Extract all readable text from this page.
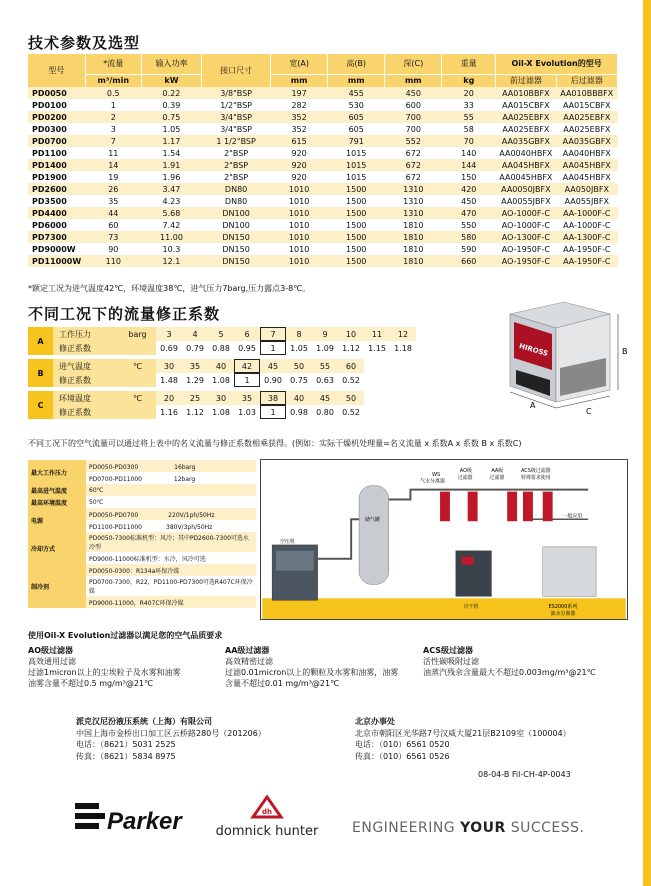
技术参数及选型
型号	*流量	输入功率	接口尺寸	宽(A)	高(B)	深(C)	重量	Oil-X Evolution的型号	
	m³/min	kW		mm	mm	mm	kg	前过滤器	后过滤器
PD0050	0.5	0.22	3/8"BSP	197	455	450	20	AA010BBFX	AA010BBBFX
PD0100	1	0.39	1/2"BSP	282	530	600	33	AA015CBFX	AA015CBFX
PD0200	2	0.75	3/4"BSP	352	605	700	55	AA025EBFX	AA025EBFX
PD0300	3	1.05	3/4"BSP	352	605	700	58	AA025EBFX	AA025EBFX
PD0700	7	1.17	1 1/2"BSP	615	791	552	70	AA035GBFX	AA035GBFX
PD1100	11	1.54	2"BSP	920	1015	672	140	AA0040HBFX	AA040HBFX
PD1400	14	1.91	2"BSP	920	1015	672	144	AA045HBFX	AA045HBFX
PD1900	19	1.96	2"BSP	920	1015	672	150	AA0045HBFX	AA045HBFX
PD2600	26	3.47	DN80	1010	1500	1310	420	AA0050JBFX	AA050JBFX
PD3500	35	4.23	DN80	1010	1500	1310	450	AA0055JBFX	AA055JBFX
PD4400	44	5.68	DN100	1010	1500	1310	470	AO-1000F-C	AA-1000F-C
PD6000	60	7.42	DN100	1010	1500	1810	550	AO-1000F-C	AA-1000F-C
PD7300	73	11.00	DN150	1010	1500	1810	580	AO-1300F-C	AA-1300F-C
PD9000W	90	10.3	DN150	1010	1500	1810	590	AO-1950F-C	AA-1950F-C
PD11000W	110	12.1	DN150	1010	1500	1810	660	AO-1950F-C	AA-1950F-C
*额定工况为进气温度42℃，环境温度38℃，进气压力7barg,压力露点3-8℃。
不同工况下的流量修正系数
A	工作压力	barg	3	4	5	6	7	8	9	10	11	12
	修正系数		0.69	0.79	0.88	0.95	1	1.05	1.09	1.12	1.15	1.18

B	进气温度	℃	30	35	40	42	45	50	55	60		
	修正系数		1.48	1.29	1.08	1	0.90	0.75	0.63	0.52		

C	环境温度	℃	20	25	30	35	38	40	45	50		
	修正系数		1.16	1.12	1.08	1.03	1	0.98	0.80	0.52		
HIROSS
A
B
C
不同工况下的空气流量可以通过将上表中的名义流量与修正系数相乘获得。(例如：实际干燥机处理量=名义流量 x 系数A x 系数 B x 系数C)
最大工作压力	PD0050-PD0300　　　　　　16barg
	PD0700-PD11000　　　　　 12barg
最高进气温度	60℃
最高环境温度	50℃
电源	PD0050-PD0700　　　　　220V/1ph/50Hz
	PD1100-PD11000　　　　380V/3ph/50Hz
冷却方式	PD0050-7300标准机型：风冷；其中PD2600-7300可选水冷型
	PD9000-11000标准机型：水冷，风冷可选
制冷剂	PD0050-0300：R134a环保冷媒
	PD0700-7300，R22，PD1100-PD7300可选R407C环保冷媒
	PD9000-11000，R407C环保冷媒
空压机
储气罐
WS
气水分离器
AO级
过滤器
AA级
过滤器
ACS级过滤器
特殊要求使用
一般应用
冷干机	ES2000系列
油水分离器
使用Oil-X Evolution过滤器以满足您的空气品质要求
AO级过滤器
高效通用过滤
过滤1micron以上的尘埃粒子及水雾和油雾
油雾含量不超过0.5 mg/m³@21℃
AA级过滤器
高效精密过滤
过滤0.01micron以上的颗粒及水雾和油雾，油雾
含量不超过0.01 mg/m³@21℃
ACS级过滤器
活性碳吸附过滤
油蒸汽残余含量最大不超过0.003mg/m³@21℃
派克汉尼汾液压系统（上海）有限公司
中国上海市金桥出口加工区云桥路280号（201206）
电话：（8621）5031 2525
传真：（8621）5834 8975
北京办事处
北京市朝阳区光华路7号汉威大厦21层B2109室（100004）
电话：（010）6561 0520
传真：（010）6561 0526
08-04-B Fil-CH-4P-0043
Parker	dh
domnick hunter ENGINEERING YOUR SUCCESS.
